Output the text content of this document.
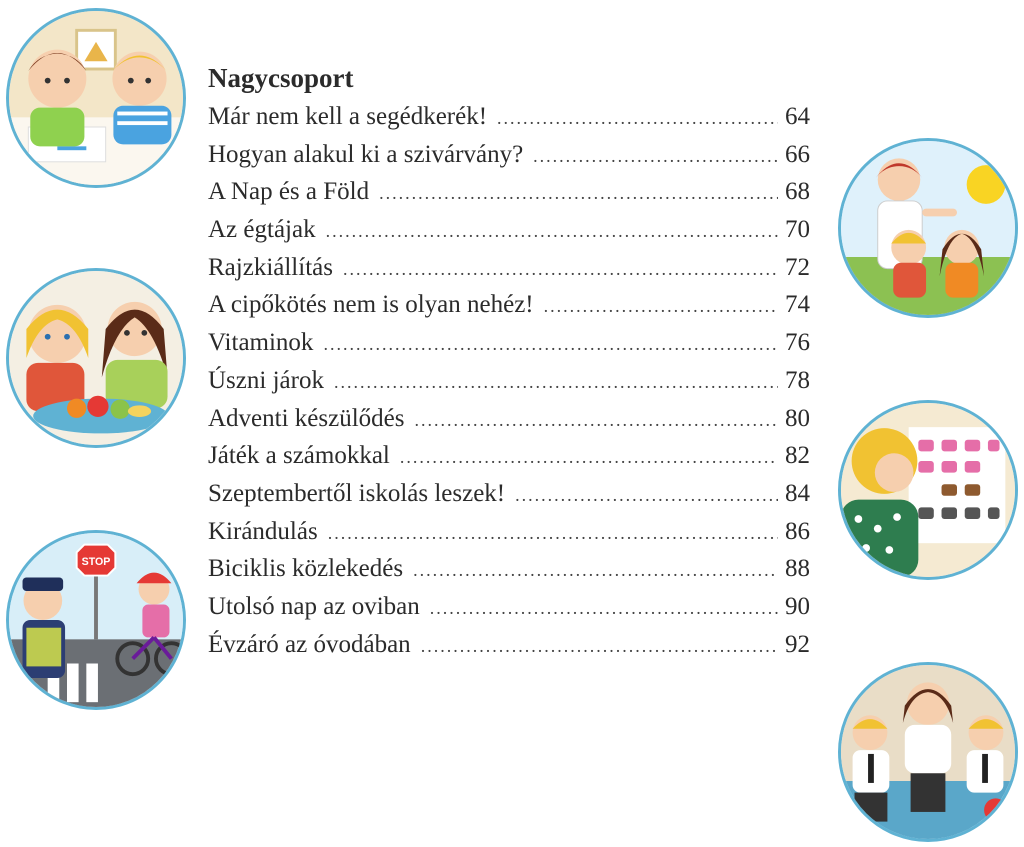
STOP
Nagycsoport
Már nem kell a segédkerék! .....	64
Hogyan alakul ki a szivárvány? .....	66
A Nap és a Föld .....	68
Az égtájak .....	70
Rajzkiállítás .....	72
A cipőkötés nem is olyan nehéz! .....	74
Vitaminok .....	76
Úszni járok .....	78
Adventi készülődés .....	80
Játék a számokkal .....	82
Szeptembertől iskolás leszek! .....	84
Kirándulás .....	86
Biciklis közlekedés .....	88
Utolsó nap az oviban .....	90
Évzáró az óvodában .....	92
